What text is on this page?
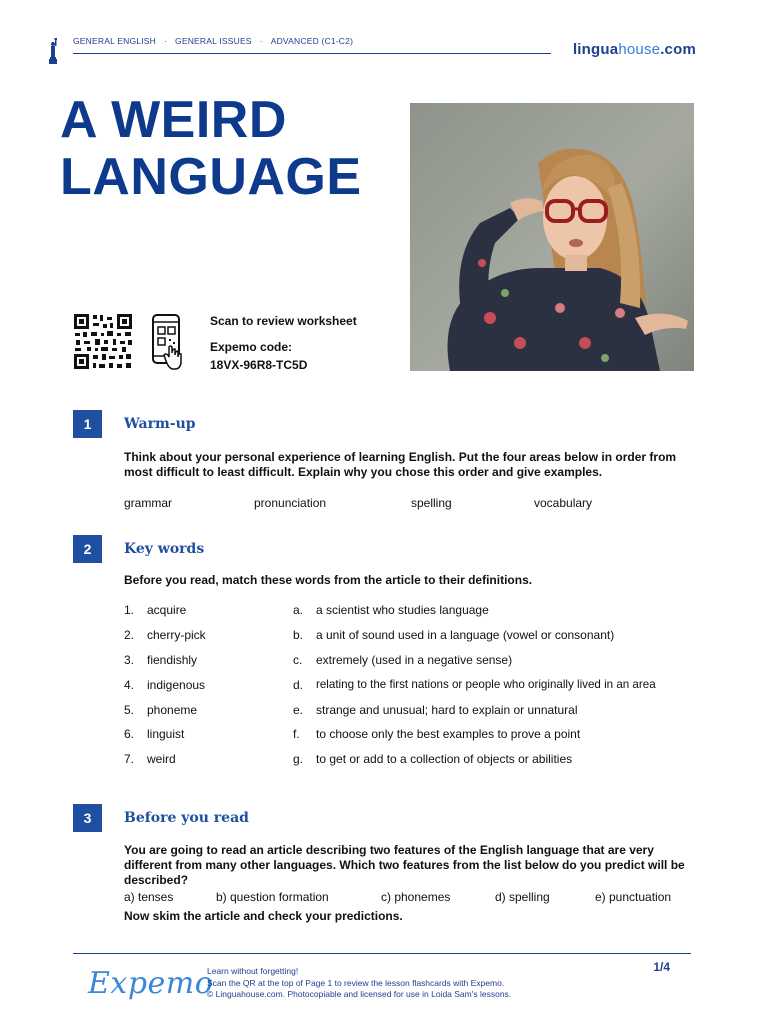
GENERAL ENGLISH · GENERAL ISSUES · ADVANCED (C1-C2)	linguahouse.com
A WEIRD
LANGUAGE
Scan to review worksheet
Expemo code:
18VX-96R8-TC5D
1	Warm-up
Think about your personal experience of learning English. Put the four areas below in order from most difficult to least difficult. Explain why you chose this order and give examples.
grammar	pronunciation	spelling	vocabulary
2	Key words
Before you read, match these words from the article to their definitions.
1. acquire	a. a scientist who studies language
2. cherry-pick	b. a unit of sound used in a language (vowel or consonant)
3. fiendishly	c. extremely (used in a negative sense)
4. indigenous	d. relating to the first nations or people who originally lived in an area
5. phoneme	e. strange and unusual; hard to explain or unnatural
6. linguist	f. to choose only the best examples to prove a point
7. weird	g. to get or add to a collection of objects or abilities
3	Before you read
You are going to read an article describing two features of the English language that are very different from many other languages. Which two features from the list below do you predict will be described?
a) tenses	b) question formation	c) phonemes	d) spelling	e) punctuation
Now skim the article and check your predictions.
Expemo
Learn without forgetting!
Scan the QR at the top of Page 1 to review the lesson flashcards with Expemo.
© Linguahouse.com. Photocopiable and licensed for use in Loida Sam's lessons.
1/4
